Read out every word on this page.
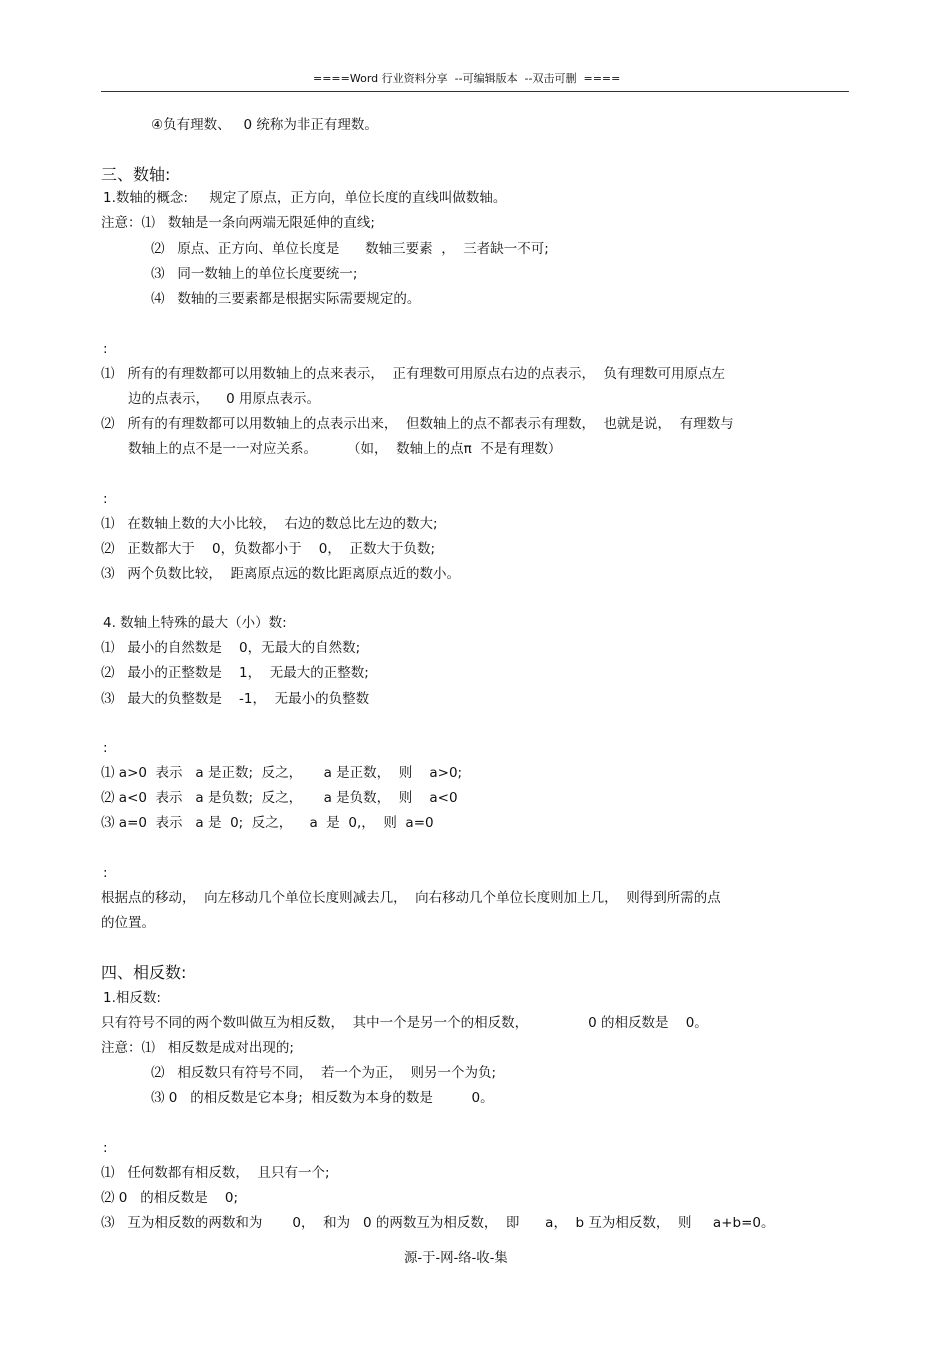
====Word 行业资料分享  --可编辑版本  --双击可删  ====
④负有理数、   0 统称为非正有理数。
三、数轴:
1.数轴的概念:     规定了原点，正方向，单位长度的直线叫做数轴。
注意：⑴   数轴是一条向两端无限延伸的直线;
⑵   原点、正方向、单位长度是      数轴三要素  ，  三者缺一不可;
⑶   同一数轴上的单位长度要统一;
⑷   数轴的三要素都是根据实际需要规定的。
:
⑴   所有的有理数都可以用数轴上的点来表示，  正有理数可用原点右边的点表示，  负有理数可用原点左
边的点表示，    0 用原点表示。
⑵   所有的有理数都可以用数轴上的点表示出来，  但数轴上的点不都表示有理数，  也就是说，  有理数与
数轴上的点不是一一对应关系。       （如，  数轴上的点π  不是有理数）
:
⑴   在数轴上数的大小比较，  右边的数总比左边的数大;
⑵   正数都大于    0，负数都小于    0，  正数大于负数;
⑶   两个负数比较，  距离原点远的数比距离原点近的数小。
4. 数轴上特殊的最大（小）数:
⑴   最小的自然数是    0，无最大的自然数;
⑵   最小的正整数是    1，  无最大的正整数;
⑶   最大的负整数是    -1，  无最小的负整数
:
⑴ a>0  表示   a 是正数;  反之，     a 是正数，  则    a>0;
⑵ a<0  表示   a 是负数;  反之，     a 是负数，  则    a<0
⑶ a=0  表示   a 是  0;  反之，    a  是  0,，  则  a=0
:
根据点的移动，  向左移动几个单位长度则减去几，  向右移动几个单位长度则加上几，  则得到所需的点
的位置。
四、相反数:
1.相反数:
只有符号不同的两个数叫做互为相反数，  其中一个是另一个的相反数，              0 的相反数是    0。
注意：⑴   相反数是成对出现的;
⑵   相反数只有符号不同，  若一个为正，  则另一个为负;
⑶ 0   的相反数是它本身;  相反数为本身的数是         0。
:
⑴   任何数都有相反数，  且只有一个;
⑵ 0   的相反数是    0;
⑶   互为相反数的两数和为       0，  和为   0 的两数互为相反数，  即      a，  b 互为相反数，  则     a+b=0。
源-于-网-络-收-集
